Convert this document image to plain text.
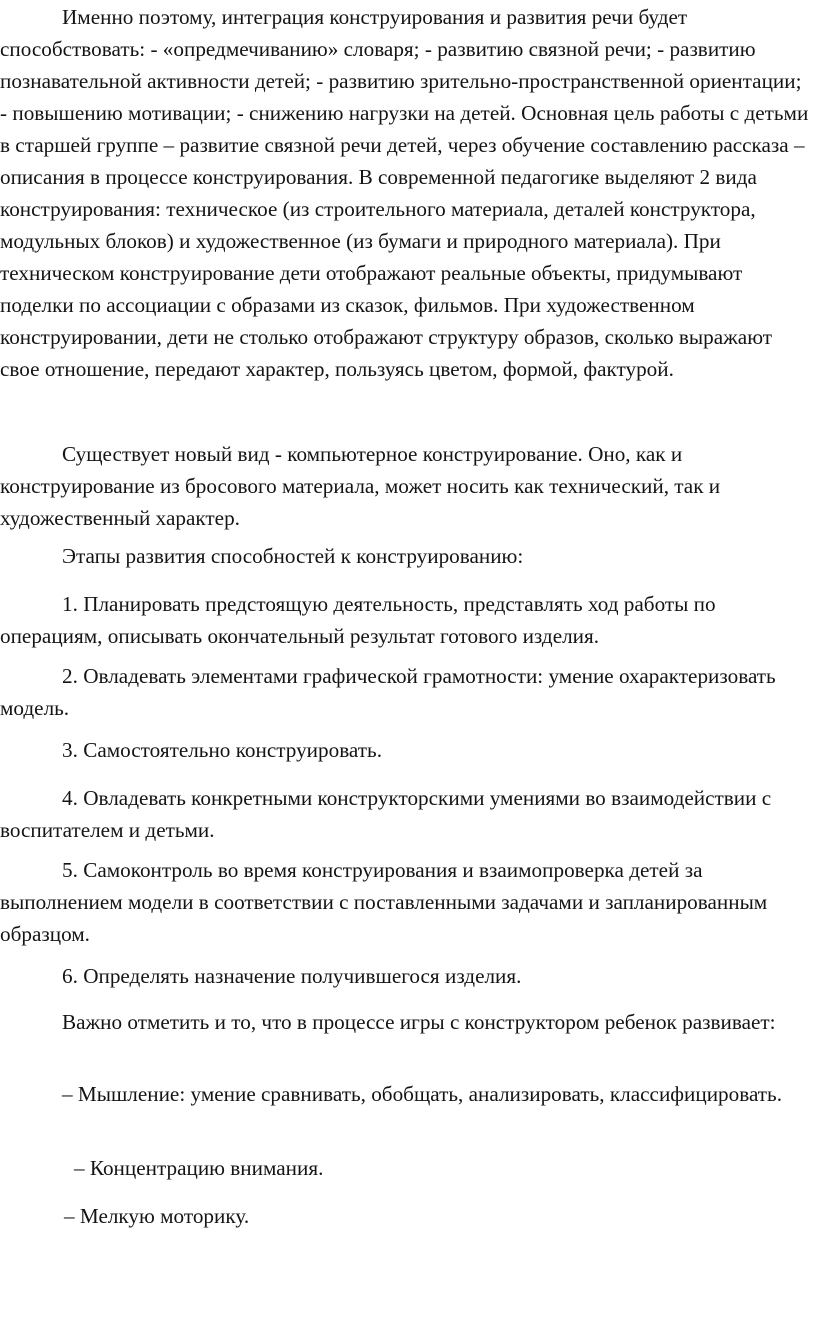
Именно поэтому, интеграция конструирования и развития речи будет способствовать: - «опредмечиванию» словаря; - развитию связной речи; - развитию познавательной активности детей; - развитию зрительно-пространственной ориентации; - повышению мотивации; - снижению нагрузки на детей. Основная цель работы с детьми в старшей группе – развитие связной речи детей, через обучение составлению рассказа – описания в процессе конструирования. В современной педагогике выделяют 2 вида конструирования: техническое (из строительного материала, деталей конструктора, модульных блоков) и художественное (из бумаги и природного материала). При техническом конструирование дети отображают реальные объекты, придумывают поделки по ассоциации с образами из сказок, фильмов. При художественном конструировании, дети не столько отображают структуру образов, сколько выражают свое отношение, передают характер, пользуясь цветом, формой, фактурой.

Существует новый вид - компьютерное конструирование. Оно, как и конструирование из бросового материала, может носить как технический, так и художественный характер.

Этапы развития способностей к конструированию:

1. Планировать предстоящую деятельность, представлять ход работы по операциям, описывать окончательный результат готового изделия.

2. Овладевать элементами графической грамотности: умение охарактеризовать модель.

3. Самостоятельно конструировать.

4. Овладевать конкретными конструкторскими умениями во взаимодействии с воспитателем и детьми.

5. Самоконтроль во время конструирования и взаимопроверка детей за выполнением модели в соответствии с поставленными задачами и запланированным образцом.

6. Определять назначение получившегося изделия.

Важно отметить и то, что в процессе игры с конструктором ребенок развивает:

– Мышление: умение сравнивать, обобщать, анализировать, классифицировать.

– Концентрацию внимания.

– Мелкую моторику.
